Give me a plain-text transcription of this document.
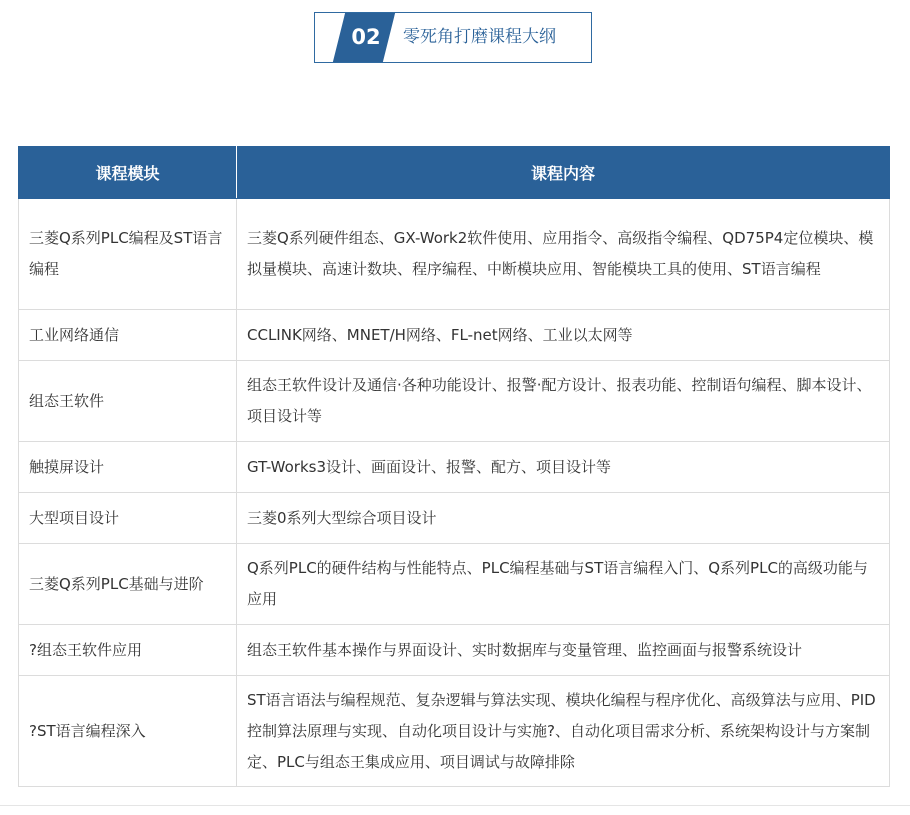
02	零死角打磨课程大纲
课程模块	课程内容
三菱Q系列PLC编程及ST语言编程	三菱Q系列硬件组态、GX-Work2软件使用、应用指令、高级指令编程、QD75P4定位模块、模拟量模块、高速计数块、程序编程、中断模块应用、智能模块工具的使用、ST语言编程
工业网络通信	CCLINK网络、MNET/H网络、FL-net网络、工业以太网等
组态王软件	组态王软件设计及通信·各种功能设计、报警·配方设计、报表功能、控制语句编程、脚本设计、项目设计等
触摸屏设计	GT-Works3设计、画面设计、报警、配方、项目设计等
大型项目设计	三菱0系列大型综合项目设计
三菱Q系列PLC基础与进阶	Q系列PLC的硬件结构与性能特点、PLC编程基础与ST语言编程入门、Q系列PLC的高级功能与应用
?组态王软件应用	组态王软件基本操作与界面设计、实时数据库与变量管理、监控画面与报警系统设计
?ST语言编程深入	ST语言语法与编程规范、复杂逻辑与算法实现、模块化编程与程序优化、高级算法与应用、PID控制算法原理与实现、自动化项目设计与实施?、自动化项目需求分析、系统架构设计与方案制定、PLC与组态王集成应用、项目调试与故障排除
